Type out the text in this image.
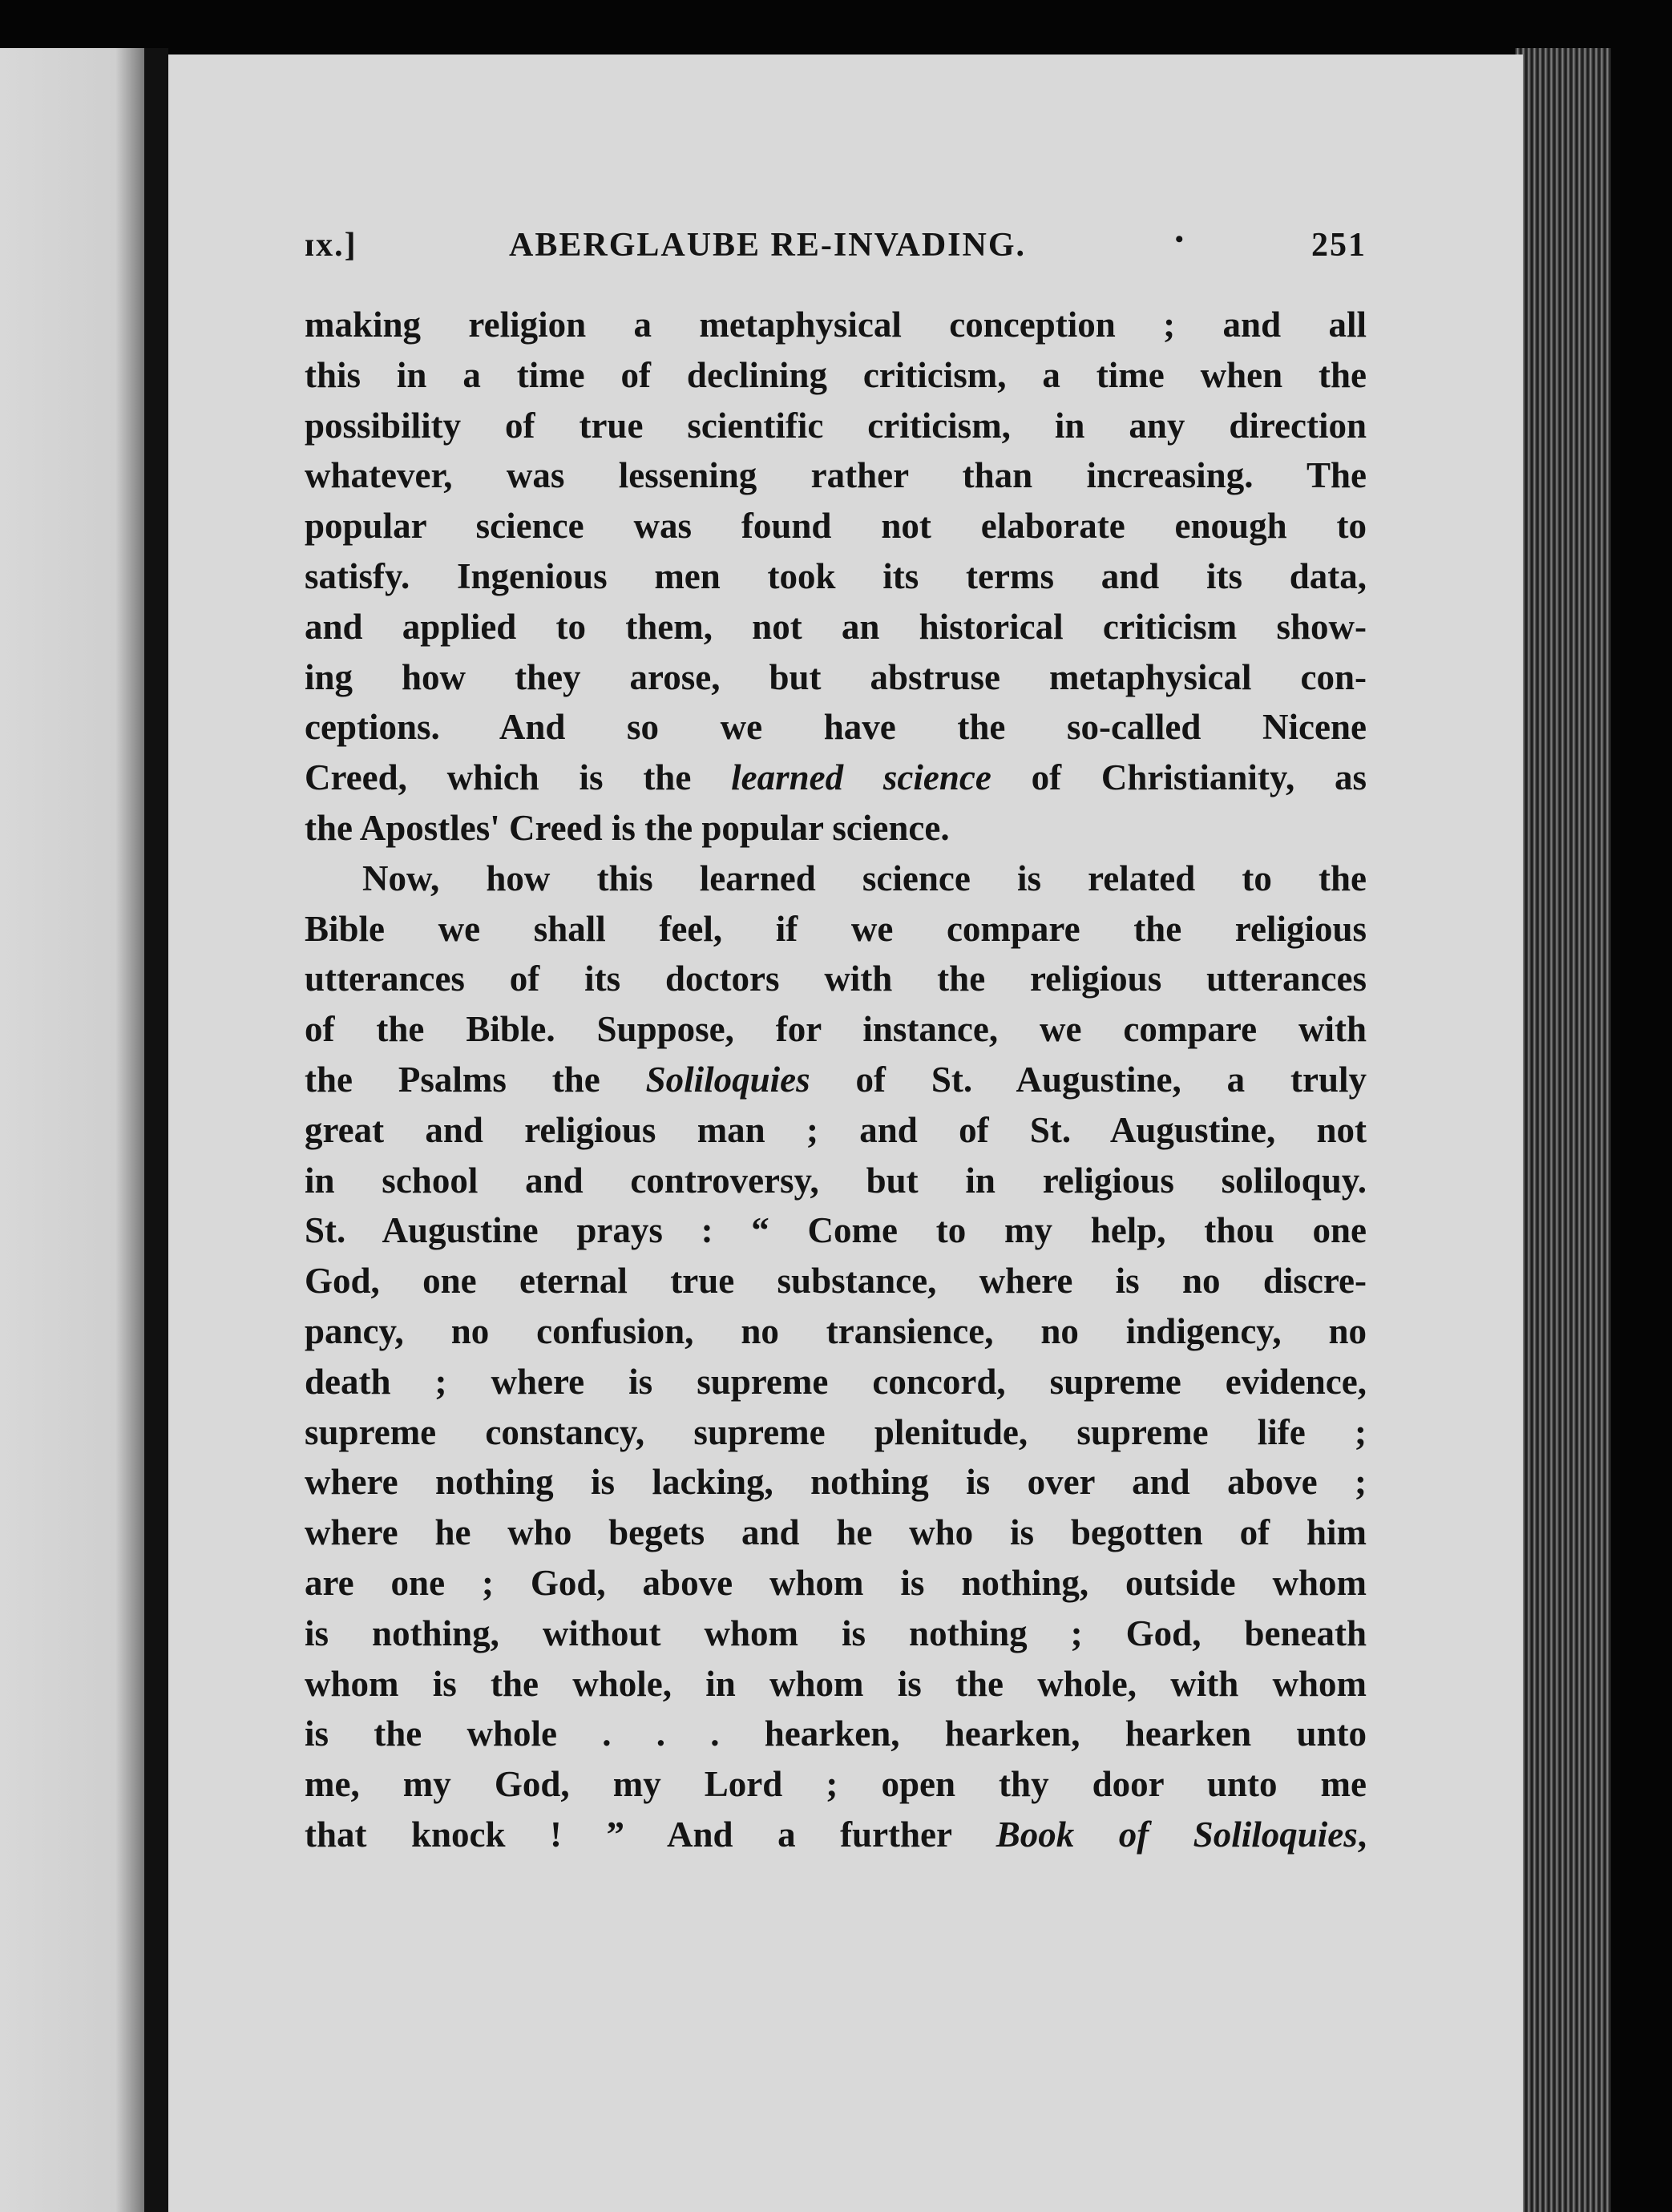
ɪx.]	ABERGLAUBE RE-INVADING.	•	251
making religion a metaphysical conception ; and all
this in a time of declining criticism, a time when the
possibility of true scientific criticism, in any direction
whatever, was lessening rather than increasing. The
popular science was found not elaborate enough to
satisfy. Ingenious men took its terms and its data,
and applied to them, not an historical criticism show-
ing how they arose, but abstruse metaphysical con-
ceptions. And so we have the so-called Nicene
Creed, which is the learned science of Christianity, as
the Apostles' Creed is the popular science.
Now, how this learned science is related to the
Bible we shall feel, if we compare the religious
utterances of its doctors with the religious utterances
of the Bible. Suppose, for instance, we compare with
the Psalms the Soliloquies of St. Augustine, a truly
great and religious man ; and of St. Augustine, not
in school and controversy, but in religious soliloquy.
St. Augustine prays : “ Come to my help, thou one
God, one eternal true substance, where is no discre-
pancy, no confusion, no transience, no indigency, no
death ; where is supreme concord, supreme evidence,
supreme constancy, supreme plenitude, supreme life ;
where nothing is lacking, nothing is over and above ;
where he who begets and he who is begotten of him
are one ; God, above whom is nothing, outside whom
is nothing, without whom is nothing ; God, beneath
whom is the whole, in whom is the whole, with whom
is the whole . . . hearken, hearken, hearken unto
me, my God, my Lord ; open thy door unto me
that knock ! ” And a further Book of Soliloquies,
